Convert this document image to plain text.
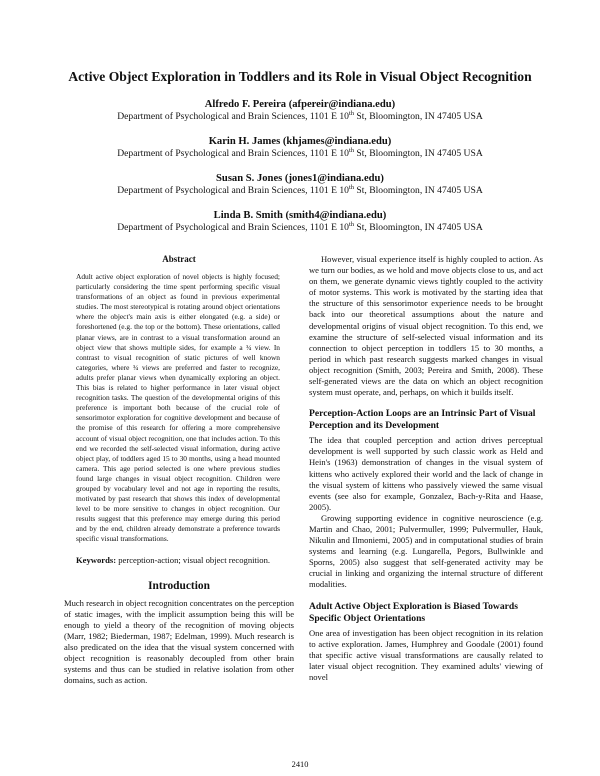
Active Object Exploration in Toddlers and its Role in Visual Object Recognition
Alfredo F. Pereira (afpereir@indiana.edu)
Department of Psychological and Brain Sciences, 1101 E 10th St, Bloomington, IN 47405 USA
Karin H. James (khjames@indiana.edu)
Department of Psychological and Brain Sciences, 1101 E 10th St, Bloomington, IN 47405 USA
Susan S. Jones (jones1@indiana.edu)
Department of Psychological and Brain Sciences, 1101 E 10th St, Bloomington, IN 47405 USA
Linda B. Smith (smith4@indiana.edu)
Department of Psychological and Brain Sciences, 1101 E 10th St, Bloomington, IN 47405 USA
Abstract

Adult active object exploration of novel objects is highly focused; particularly considering the time spent performing specific visual transformations of an object as found in previous experimental studies. The most stereotypical is rotating around object orientations where the object's main axis is either elongated (e.g. a side) or foreshortened (e.g. the top or the bottom). These orientations, called planar views, are in contrast to a visual transformation around an object view that shows multiple sides, for example a ¾ view. In contrast to visual recognition of static pictures of well known categories, where ¾ views are preferred and faster to recognize, adults prefer planar views when dynamically exploring an object. This bias is related to higher performance in later visual object recognition tasks. The question of the developmental origins of this preference is important both because of the crucial role of sensorimotor exploration for cognitive development and because of the promise of this research for offering a more comprehensive account of visual object recognition, one that includes action. To this end we recorded the self-selected visual information, during active object play, of toddlers aged 15 to 30 months, using a head mounted camera. This age period selected is one where previous studies found large changes in visual object recognition. Children were grouped by vocabulary level and not age in reporting the results, motivated by past research that shows this index of developmental level to be more sensitive to changes in object recognition. Our results suggest that this preference may emerge during this period and by the end, children already demonstrate a preference towards specific visual transformations.

Keywords: perception-action; visual object recognition.
Introduction

Much research in object recognition concentrates on the perception of static images, with the implicit assumption being this will be enough to yield a theory of the recognition of moving objects (Marr, 1982; Biederman, 1987; Edelman, 1999). Much research is also predicated on the idea that the visual system concerned with object recognition is reasonably decoupled from other brain systems and thus can be studied in relative isolation from other domains, such as action.

However, visual experience itself is highly coupled to action. As we turn our bodies, as we hold and move objects close to us, and act on them, we generate dynamic views tightly coupled to the activity of motor systems. This work is motivated by the starting idea that the structure of this sensorimotor experience needs to be brought back into our theoretical assumptions about the nature and developmental origins of visual object recognition. To this end, we examine the structure of self-selected visual information and its connection to object perception in toddlers 15 to 30 months, a period in which past research suggests marked changes in visual object recognition (Smith, 2003; Pereira and Smith, 2008). These self-generated views are the data on which an object recognition system must operate, and, perhaps, on which it builds itself.

Perception-Action Loops are an Intrinsic Part of Visual Perception and its Development

The idea that coupled perception and action drives perceptual development is well supported by such classic work as Held and Hein's (1963) demonstration of changes in the visual system of kittens who actively explored their world and the lack of change in the visual system of kittens who passively viewed the same visual events (see also for example, Gonzalez, Bach-y-Rita and Haase, 2005).

Growing supporting evidence in cognitive neuroscience (e.g. Martin and Chao, 2001; Pulvermuller, 1999; Pulvermuller, Hauk, Nikulin and Ilmoniemi, 2005) and in computational studies of brain systems and learning (e.g. Lungarella, Pegors, Bullwinkle and Sporns, 2005) also suggest that self-generated activity may be crucial in linking and organizing the internal structure of different modalities.

Adult Active Object Exploration is Biased Towards Specific Object Orientations

One area of investigation has been object recognition in its relation to active exploration. James, Humphrey and Goodale (2001) found that specific active visual transformations are causally related to later visual object recognition. They examined adults' viewing of novel

2410
